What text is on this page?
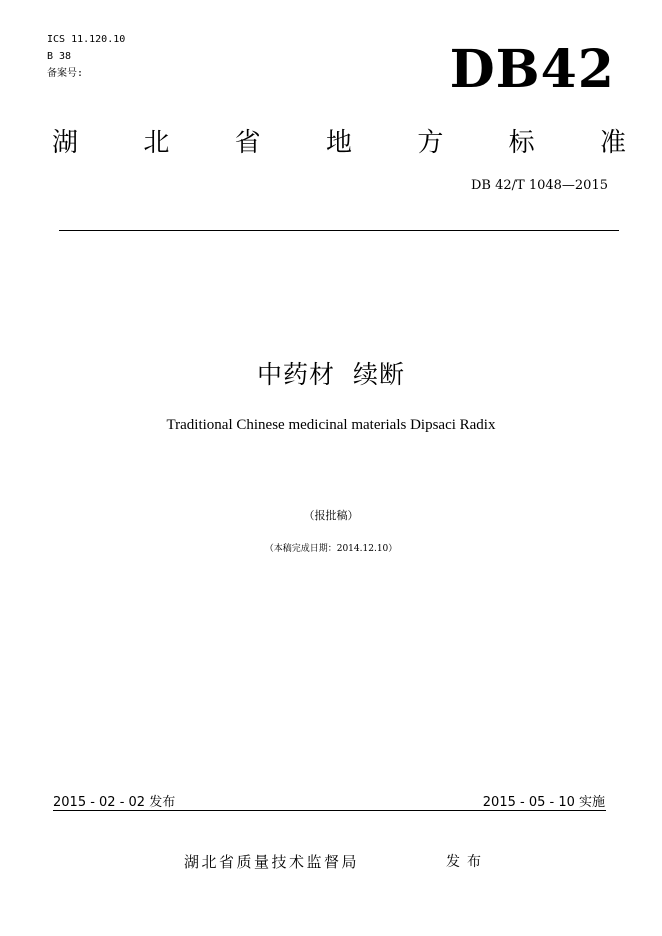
ICS 11.120.10
B 38
备案号:	DB42
湖	北	省	地	方	标	准
DB 42/T 1048—2015
中药材  续断
Traditional Chinese medicinal materials Dipsaci Radix
（报批稿）
（本稿完成日期：2014.12.10）
2015 - 02 - 02 发布	2015 - 05 - 10 实施
湖北省质量技术监督局	发布
